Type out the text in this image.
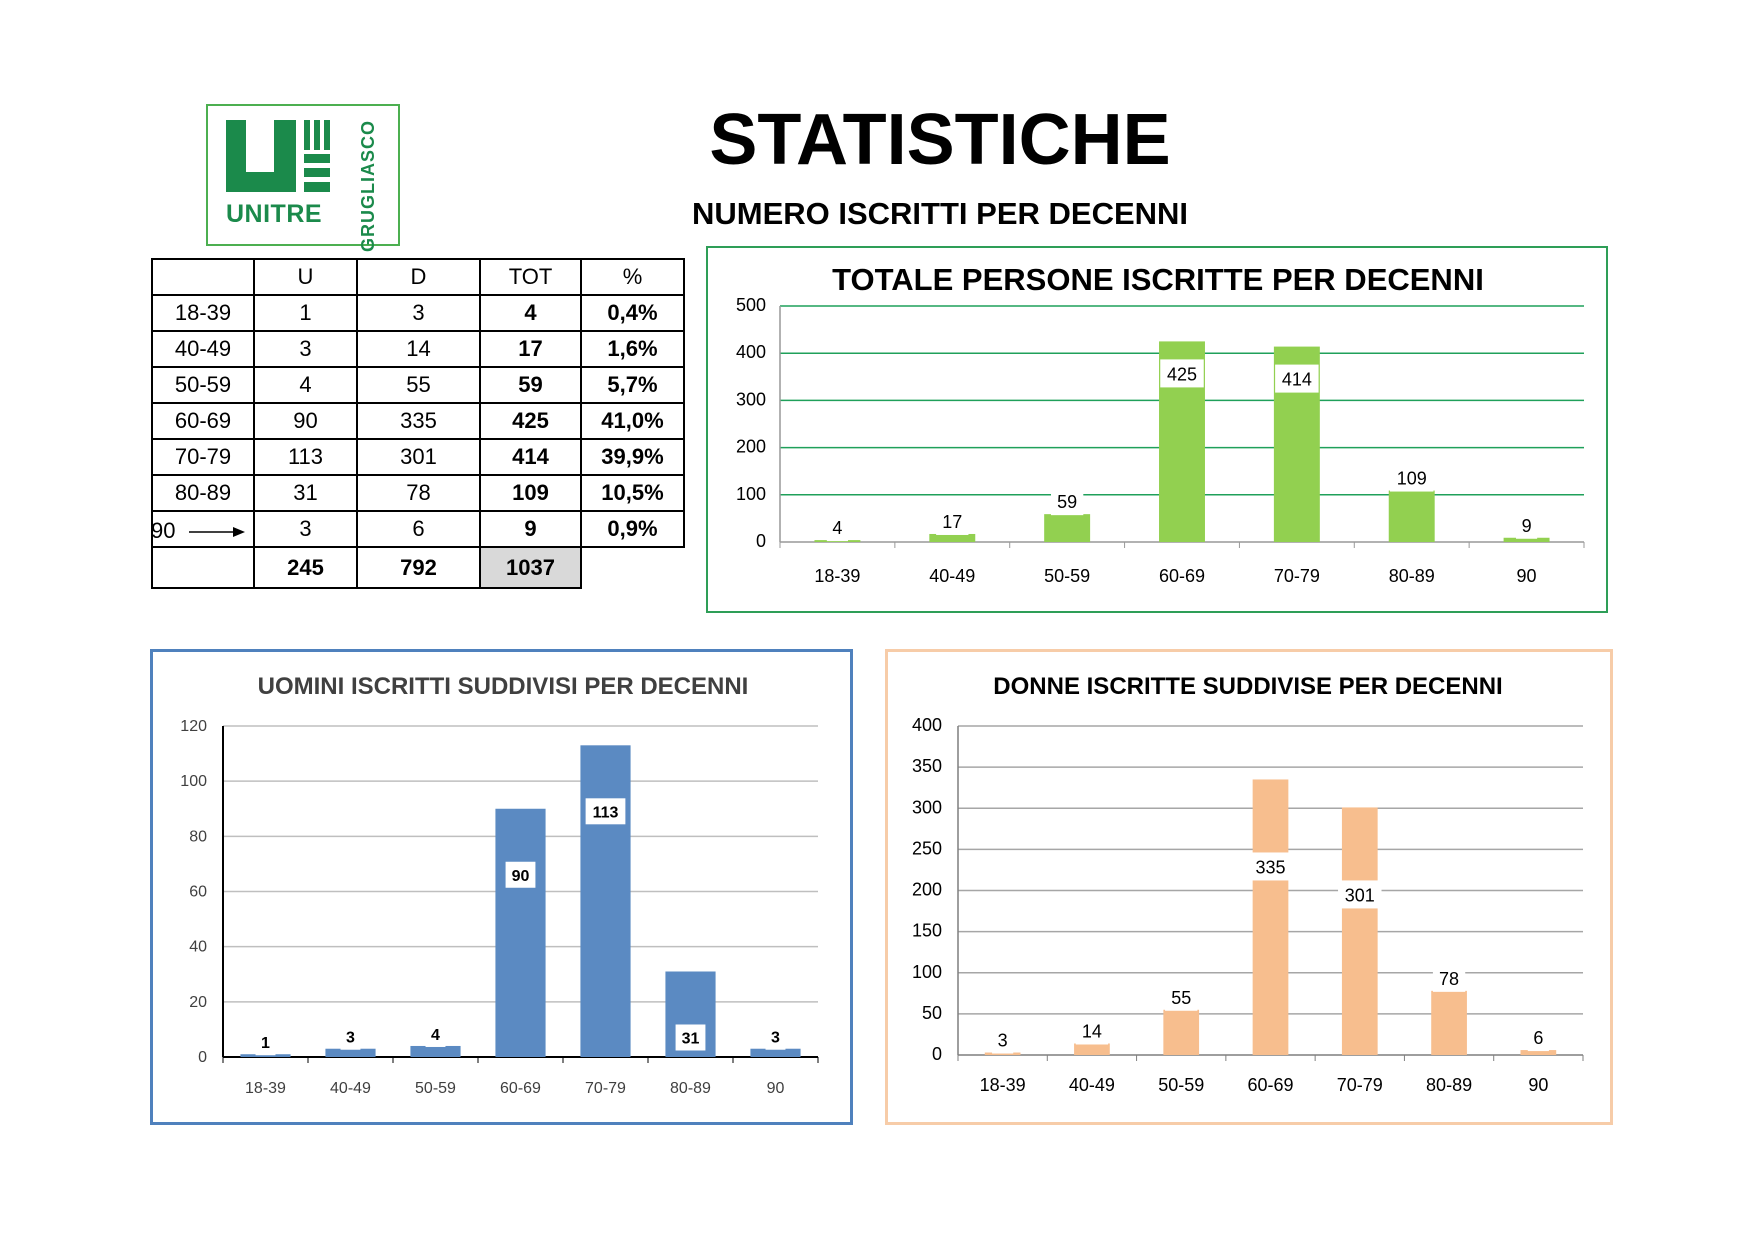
UNITRE GRUGLIASCO	STATISTICHE
NUMERO ISCRITTI PER DECENNI
	U	D	TOT	%
18-39	1	3	4	0,4%
40-49	3	14	17	1,6%
50-59	4	55	59	5,7%
60-69	90	335	425	41,0%
70-79	113	301	414	39,9%
80-89	31	78	109	10,5%

90	3	6	9	0,9%
	245	792	1037	
TOTALE PERSONE ISCRITTE PER DECENNI
0
100
200
300
400
500
18-39
4
40-49
17
50-59
59
60-69
425
70-79
414
80-89
109
90
9
UOMINI ISCRITTI SUDDIVISI PER DECENNI
0
20
40
60
80
100
120
18-39
1
40-49
3
50-59
4
60-69
90
70-79
113
80-89
31
90
3
DONNE ISCRITTE SUDDIVISE PER DECENNI
0
50
100
150
200
250
300
350
400
18-39
3
40-49
14
50-59
55
60-69
335
70-79
301
80-89
78
90
6
